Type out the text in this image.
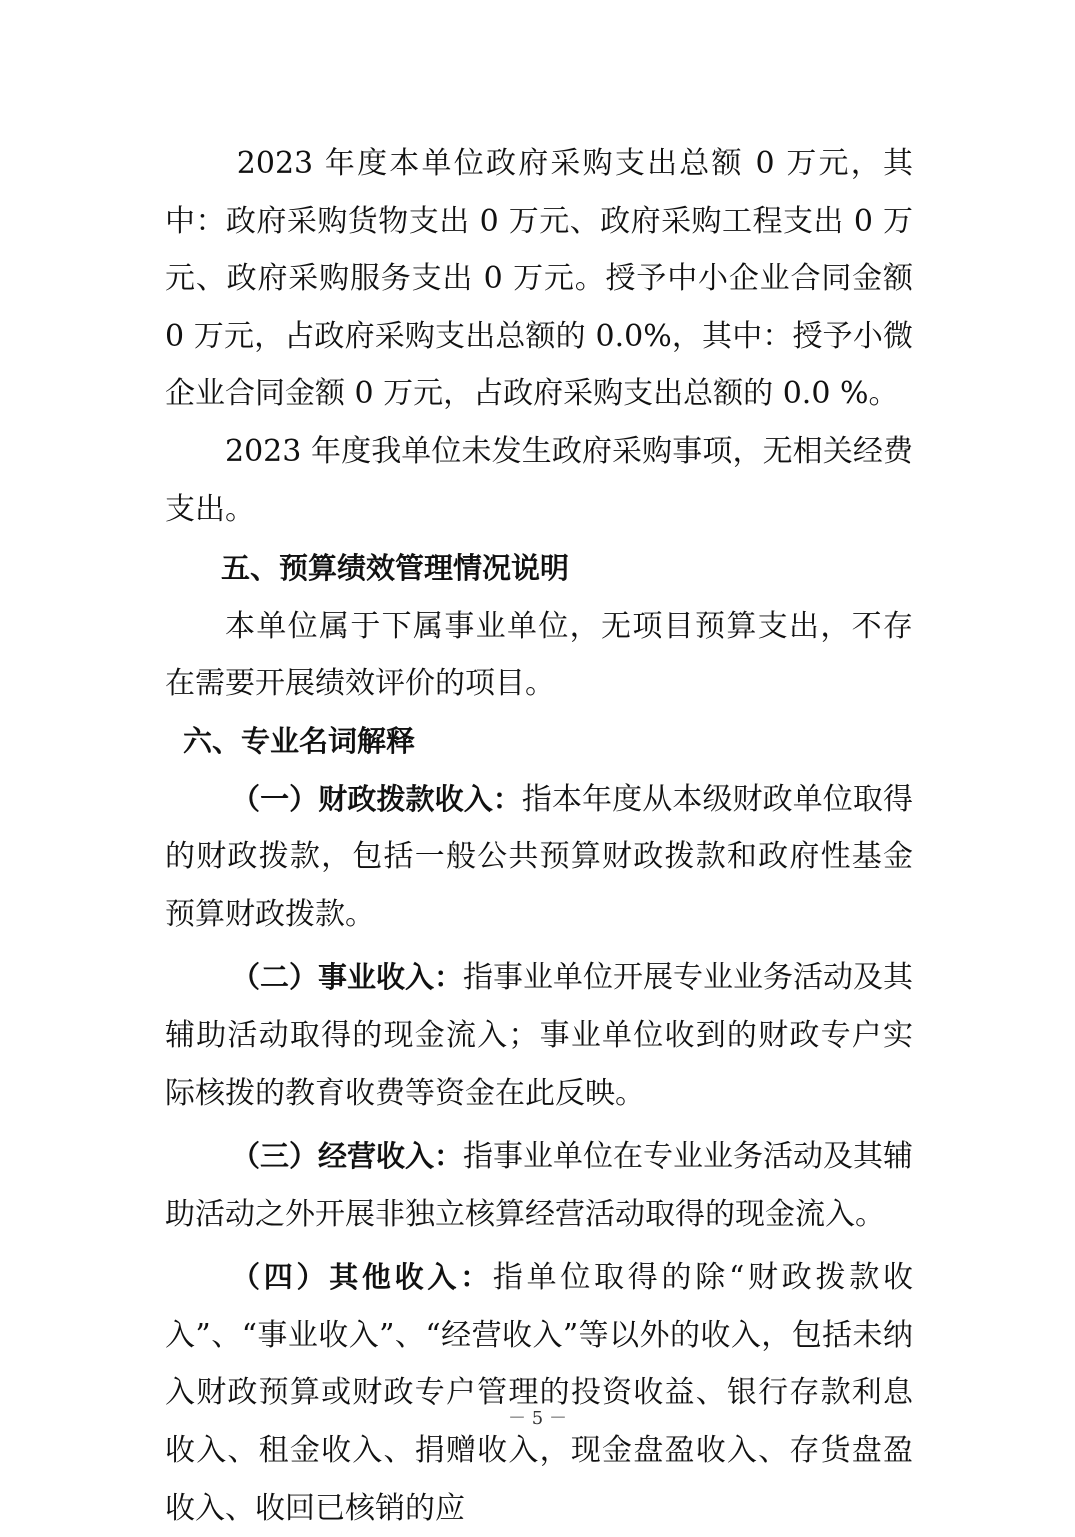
2023 年度本单位政府采购支出总额 0 万元，其中：政府采购货物支出 0 万元、政府采购工程支出 0 万元、政府采购服务支出 0 万元。授予中小企业合同金额 0 万元，占政府采购支出总额的 0.0%，其中：授予小微企业合同金额 0 万元，占政府采购支出总额的 0.0 %。

2023 年度我单位未发生政府采购事项，无相关经费支出。

五、预算绩效管理情况说明

本单位属于下属事业单位，无项目预算支出，不存在需要开展绩效评价的项目。

六、专业名词解释

（一）财政拨款收入：指本年度从本级财政单位取得的财政拨款，包括一般公共预算财政拨款和政府性基金预算财政拨款。

（二）事业收入：指事业单位开展专业业务活动及其辅助活动取得的现金流入；事业单位收到的财政专户实际核拨的教育收费等资金在此反映。

（三）经营收入：指事业单位在专业业务活动及其辅助活动之外开展非独立核算经营活动取得的现金流入。

（四）其他收入：指单位取得的除“财政拨款收入”、“事业收入”、“经营收入”等以外的收入，包括未纳入财政预算或财政专户管理的投资收益、银行存款利息收入、租金收入、捐赠收入，现金盘盈收入、存货盘盈收入、收回已核销的应

－ 5 －
